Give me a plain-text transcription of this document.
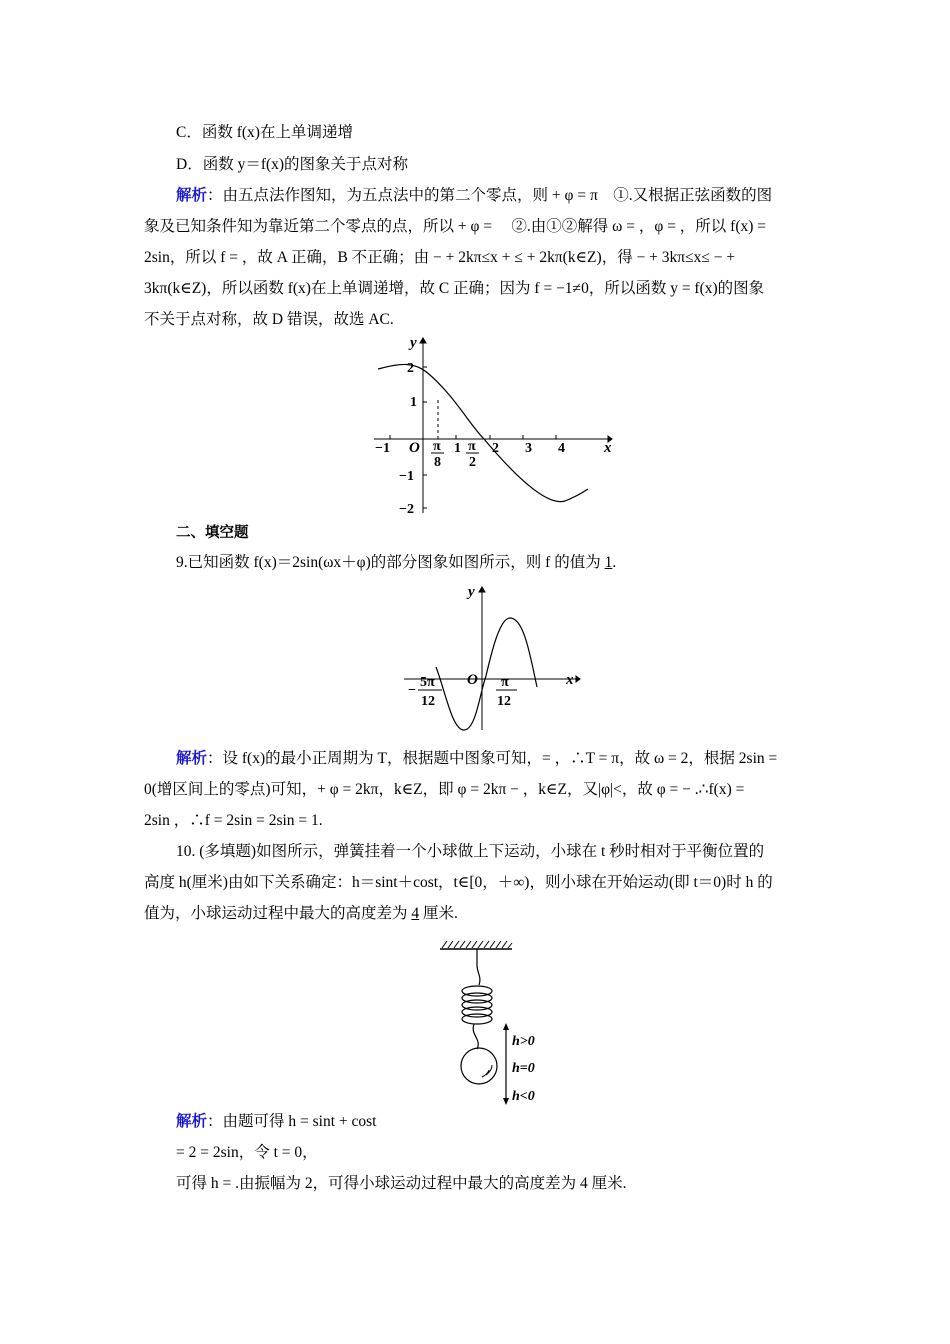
C．函数 f(x)在上单调递增
D．函数 y＝f(x)的图象关于点对称
解析：由五点法作图知，为五点法中的第二个零点，则 + φ = π　①.又根据正弦函数的图
象及已知条件知为靠近第二个零点的点，所以 + φ =　 ②.由①②解得 ω = ，φ = ，所以 f(x) =
2sin，所以 f = ，故 A 正确，B 不正确；由 − + 2kπ≤x + ≤ + 2kπ(k∈Z)，得 − + 3kπ≤x≤ − +
3kπ(k∈Z)，所以函数 f(x)在上单调递增，故 C 正确；因为 f = −1≠0，所以函数 y = f(x)的图象
不关于点对称，故 D 错误，故选 AC.
x
y
O
2
1
−1
−2
−1	1 2 3 4
π
8
π
2
二、填空题
9.已知函数 f(x)＝2sin(ωx＋φ)的部分图象如图所示，则 f 的值为 1.
x
y
O
−
5π
12
π
12
解析：设 f(x)的最小正周期为 T，根据题中图象可知，= ，∴T = π，故 ω = 2，根据 2sin =
0(增区间上的零点)可知，+ φ = 2kπ，k∈Z，即 φ = 2kπ − ，k∈Z，又|φ|<，故 φ = − .∴f(x) =
2sin ，∴f = 2sin = 2sin = 1.
10. (多填题)如图所示，弹簧挂着一个小球做上下运动，小球在 t 秒时相对于平衡位置的
高度 h(厘米)由如下关系确定：h＝sint＋cost，t∈[0，＋∞)，则小球在开始运动(即 t＝0)时 h 的
值为，小球运动过程中最大的高度差为 4 厘米.
h>0
h=0
h<0
解析：由题可得 h = sint + cost
= 2 = 2sin，令 t = 0，
可得 h = .由振幅为 2，可得小球运动过程中最大的高度差为 4 厘米.
